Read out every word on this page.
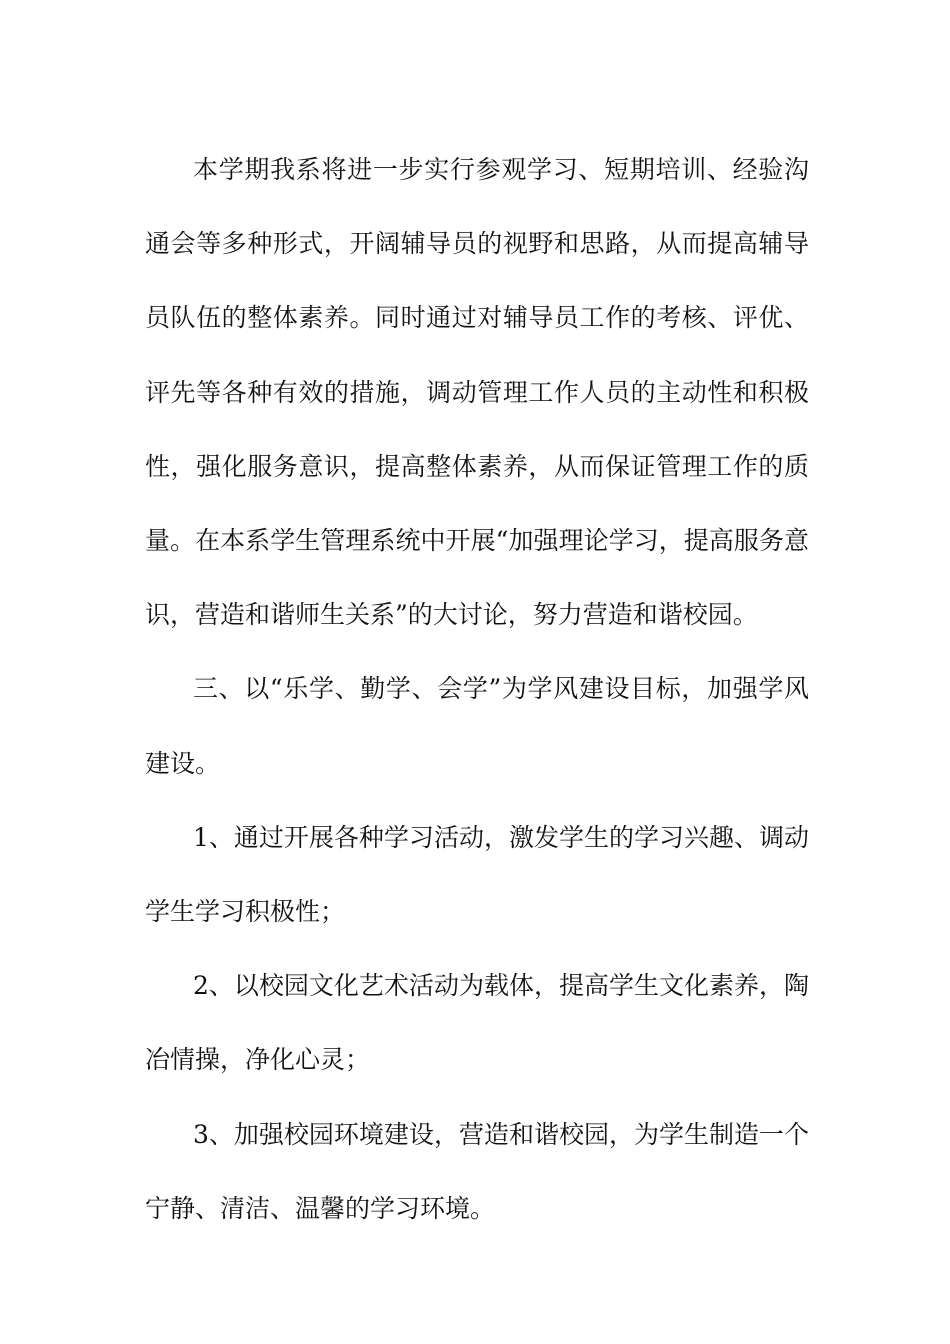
本学期我系将进一步实行参观学习、短期培训、经验沟通会等多种形式，开阔辅导员的视野和思路，从而提高辅导员队伍的整体素养。同时通过对辅导员工作的考核、评优、评先等各种有效的措施，调动管理工作人员的主动性和积极性，强化服务意识，提高整体素养，从而保证管理工作的质量。在本系学生管理系统中开展“加强理论学习，提高服务意识，营造和谐师生关系”的大讨论，努力营造和谐校园。

三、以“乐学、勤学、会学”为学风建设目标，加强学风建设。

1、通过开展各种学习活动，激发学生的学习兴趣、调动学生学习积极性；

2、以校园文化艺术活动为载体，提高学生文化素养，陶冶情操，净化心灵；

3、加强校园环境建设，营造和谐校园，为学生制造一个宁静、清洁、温馨的学习环境。
